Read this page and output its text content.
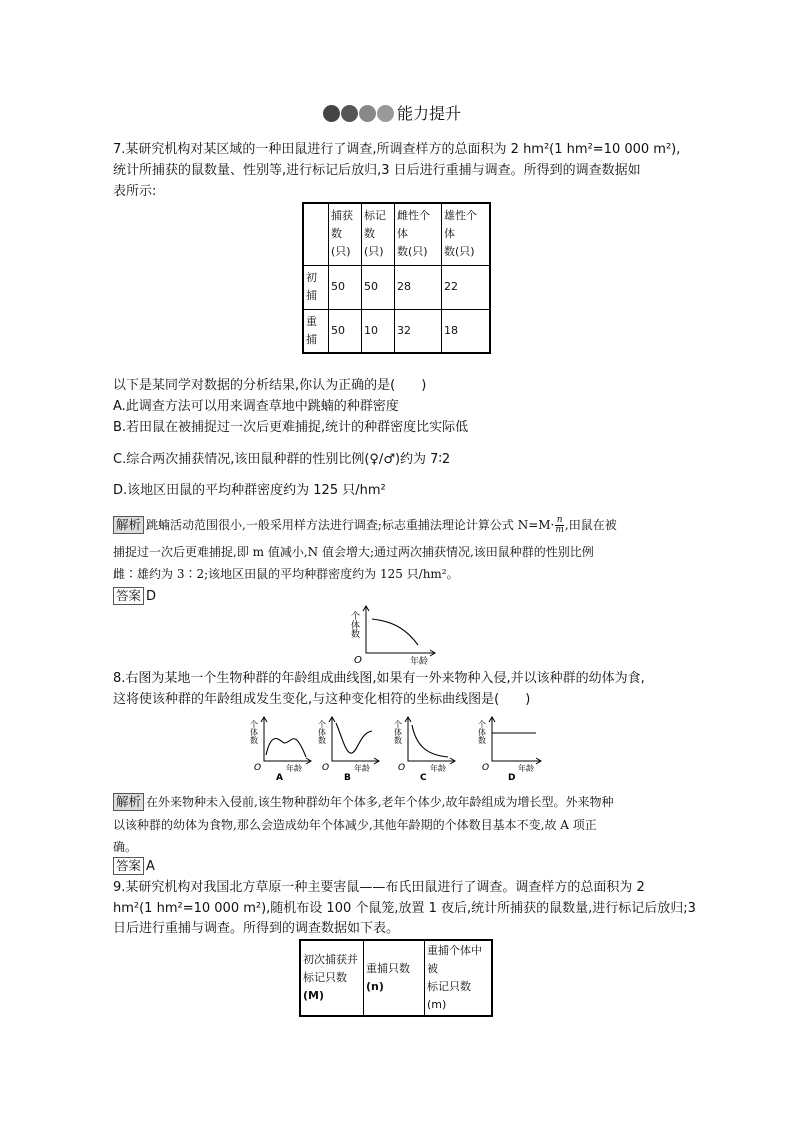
能力提升
7.某研究机构对某区域的一种田鼠进行了调查,所调查样方的总面积为 2 hm²(1 hm²=10 000 m²),
统计所捕获的鼠数量、性别等,进行标记后放归,3 日后进行重捕与调查。所得到的调查数据如
表所示:
	捕获
数
(只)	标记
数
(只)	雌性个
体
数(只)	雄性个
体
数(只)
初
捕	50	50	28	22
重
捕	50	10	32	18
以下是某同学对数据的分析结果,你认为正确的是(　　)
A.此调查方法可以用来调查草地中跳蝻的种群密度
B.若田鼠在被捕捉过一次后更难捕捉,统计的种群密度比实际低
C.综合两次捕获情况,该田鼠种群的性别比例(♀/♂)约为 7∶2
D.该地区田鼠的平均种群密度约为 125 只/hm²
解析 跳蝻活动范围很小,一般采用样方法进行调查;标志重捕法理论计算公式 $N=M\cdot \frac{n}{m}$ ,田鼠在被
捕捉过一次后更难捕捉,即 m 值减小,N 值会增大;通过两次捕获情况,该田鼠种群的性别比例
雌∶雄约为 3∶2;该地区田鼠的平均种群密度约为 125 只/hm²。
答案 D
个体数
O	年龄
8.右图为某地一个生物种群的年龄组成曲线图,如果有一外来物种入侵,并以该种群的幼体为食,
这将使该种群的年龄组成发生变化,与这种变化相符的坐标曲线图是(　　)
个体数
O	年龄
A
个体数
O	年龄
B
个体数
O	年龄
C
个体数
O	年龄
D
解析 在外来物种未入侵前,该生物种群幼年个体多,老年个体少,故年龄组成为增长型。外来物种
以该种群的幼体为食物,那么会造成幼年个体减少,其他年龄期的个体数目基本不变,故 A 项正
确。
答案 A
9.某研究机构对我国北方草原一种主要害鼠——布氏田鼠进行了调查。调查样方的总面积为 2
hm²(1 hm²=10 000 m²),随机布设 100 个鼠笼,放置 1 夜后,统计所捕获的鼠数量,进行标记后放归;3
日后进行重捕与调查。所得到的调查数据如下表。
初次捕获并
标记只数
(M)	重捕只数
(n)	重捕个体中
被
标记只数(m)
